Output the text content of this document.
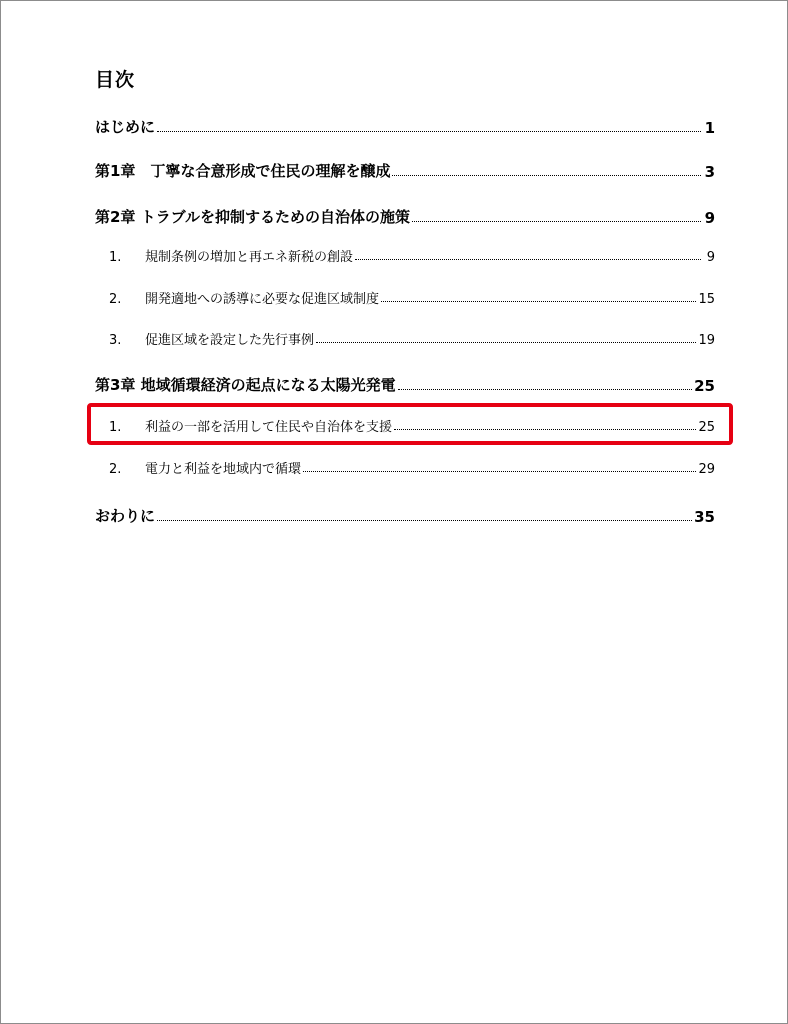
目次
はじめに	1
第1章　丁寧な合意形成で住民の理解を醸成	3
第2章 トラブルを抑制するための自治体の施策	9
1.	規制条例の増加と再エネ新税の創設	9
2.	開発適地への誘導に必要な促進区域制度	15
3.	促進区域を設定した先行事例	19
第3章 地域循環経済の起点になる太陽光発電	25
1.	利益の一部を活用して住民や自治体を支援	25
2.	電力と利益を地域内で循環	29
おわりに	35
